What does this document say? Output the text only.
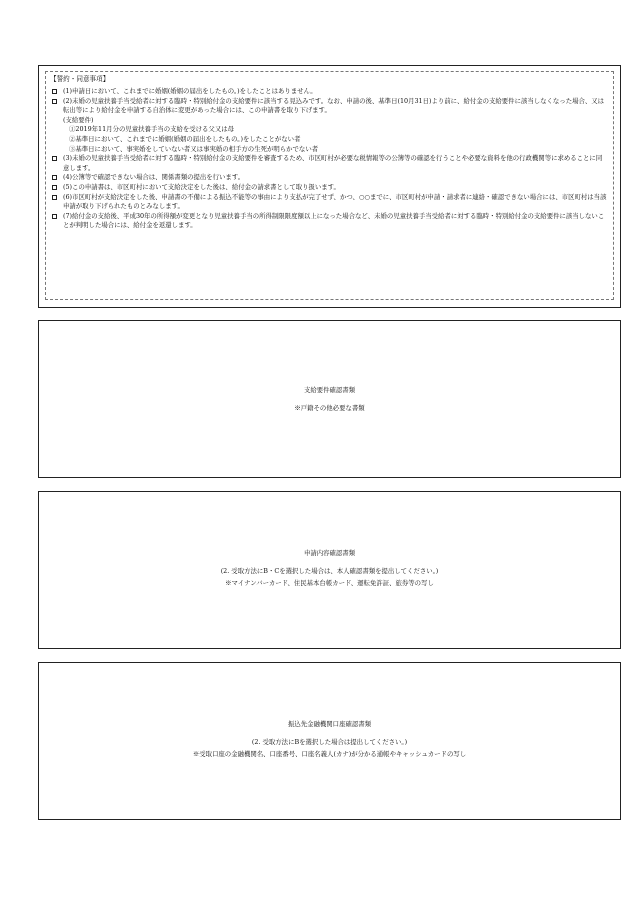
【誓約・同意事項】
(1)申請日において、これまでに婚姻(婚姻の届出をしたもの。)をしたことはありません。
(2)未婚の児童扶養手当受給者に対する臨時・特別給付金の支給要件に該当する見込みです。なお、申請の後、基準日(10月31日)より前に、給付金の支給要件に該当しなくなった場合、又は転出等により給付金を申請する自治体に変更があった場合には、この申請書を取り下げます。
(支給要件)
①2019年11月分の児童扶養手当の支給を受ける父又は母
②基準日において、これまでに婚姻(婚姻の届出をしたもの。)をしたことがない者
③基準日において、事実婚をしていない者又は事実婚の相手方の生死が明らかでない者
(3)未婚の児童扶養手当受給者に対する臨時・特別給付金の支給要件を審査するため、市区町村が必要な税情報等の公簿等の確認を行うことや必要な資料を他の行政機関等に求めることに同意します。
(4)公簿等で確認できない場合は、関係書類の提出を行います。
(5)この申請書は、市区町村において支給決定をした後は、給付金の請求書として取り扱います。
(6)市区町村が支給決定をした後、申請書の不備による振込不能等の事由により支払が完了せず、かつ、○○までに、市区町村が申請・請求者に連絡・確認できない場合には、市区町村は当該申請が取り下げられたものとみなします。
(7)給付金の支給後、平成30年の所得額が変更となり児童扶養手当の所得制限限度額以上になった場合など、未婚の児童扶養手当受給者に対する臨時・特別給付金の支給要件に該当しないことが判明した場合には、給付金を返還します。
支給要件確認書類
※戸籍その他必要な書類
申請内容確認書類
(2. 受取方法にB・Cを選択した場合は、本人確認書類を提出してください。)
※マイナンバーカード、住民基本台帳カード、運転免許証、旅券等の写し
振込先金融機関口座確認書類
(2. 受取方法にBを選択した場合は提出してください。)
※受取口座の金融機関名、口座番号、口座名義人(カナ)が分かる通帳やキャッシュカードの写し
